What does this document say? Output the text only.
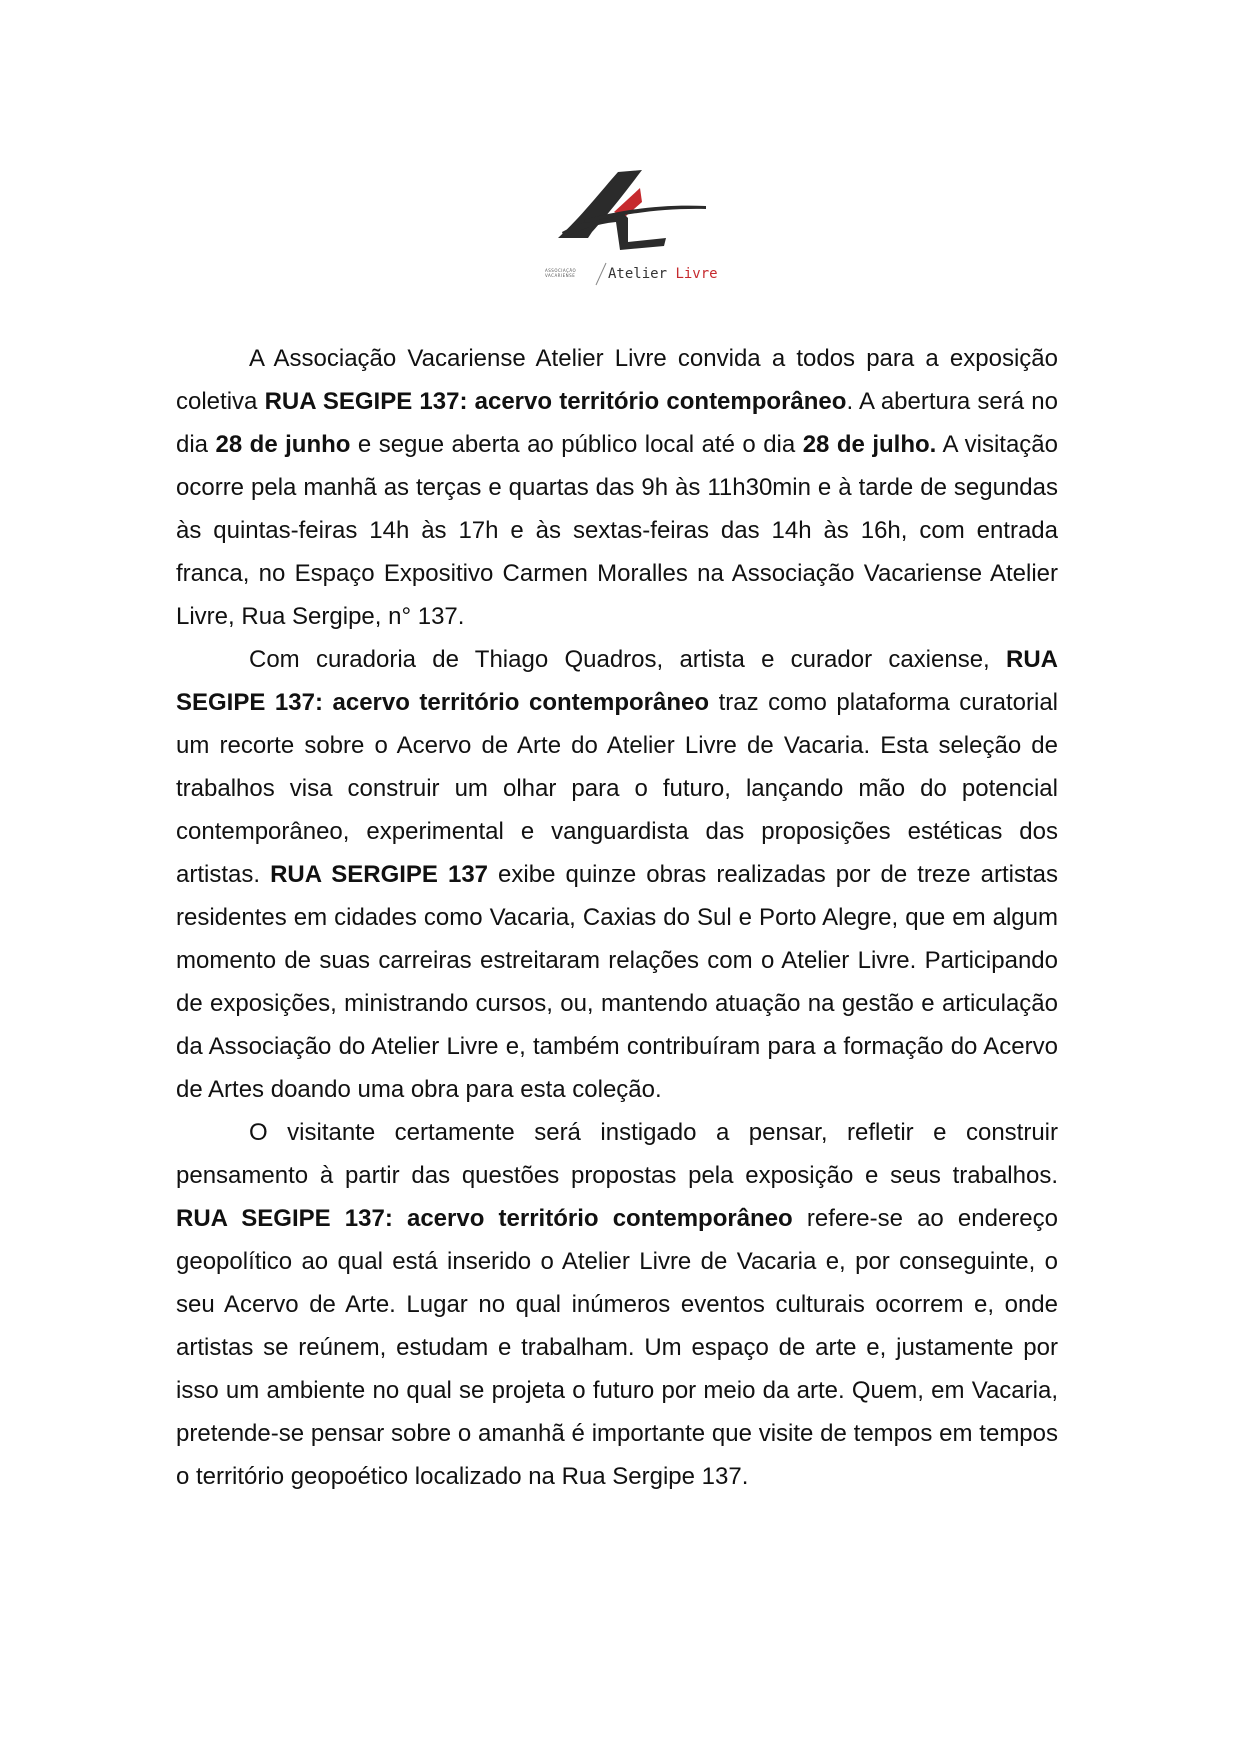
ASSOCIAÇÃO VACARIENSE	Atelier Livre

A Associação Vacariense Atelier Livre convida a todos para a exposição coletiva RUA SEGIPE 137: acervo território contemporâneo. A abertura será no dia 28 de junho e segue aberta ao público local até o dia 28 de julho. A visitação ocorre pela manhã as terças e quartas das 9h às 11h30min e à tarde de segundas às quintas-feiras 14h às 17h e às sextas-feiras das 14h às 16h, com entrada franca, no Espaço Expositivo Carmen Moralles na Associação Vacariense Atelier Livre, Rua Sergipe, n° 137.

Com curadoria de Thiago Quadros, artista e curador caxiense, RUA SEGIPE 137: acervo território contemporâneo traz como plataforma curatorial um recorte sobre o Acervo de Arte do Atelier Livre de Vacaria. Esta seleção de trabalhos visa construir um olhar para o futuro, lançando mão do potencial contemporâneo, experimental e vanguardista das proposições estéticas dos artistas. RUA SERGIPE 137 exibe quinze obras realizadas por de treze artistas residentes em cidades como Vacaria, Caxias do Sul e Porto Alegre, que em algum momento de suas carreiras estreitaram relações com o Atelier Livre. Participando de exposições, ministrando cursos, ou, mantendo atuação na gestão e articulação da Associação do Atelier Livre e, também contribuíram para a formação do Acervo de Artes doando uma obra para esta coleção.

O visitante certamente será instigado a pensar, refletir e construir pensamento à partir das questões propostas pela exposição e seus trabalhos. RUA SEGIPE 137: acervo território contemporâneo refere-se ao endereço geopolítico ao qual está inserido o Atelier Livre de Vacaria e, por conseguinte, o seu Acervo de Arte. Lugar no qual inúmeros eventos culturais ocorrem e, onde artistas se reúnem, estudam e trabalham. Um espaço de arte e, justamente por isso um ambiente no qual se projeta o futuro por meio da arte. Quem, em Vacaria, pretende-se pensar sobre o amanhã é importante que visite de tempos em tempos o território geopoético localizado na Rua Sergipe 137.
